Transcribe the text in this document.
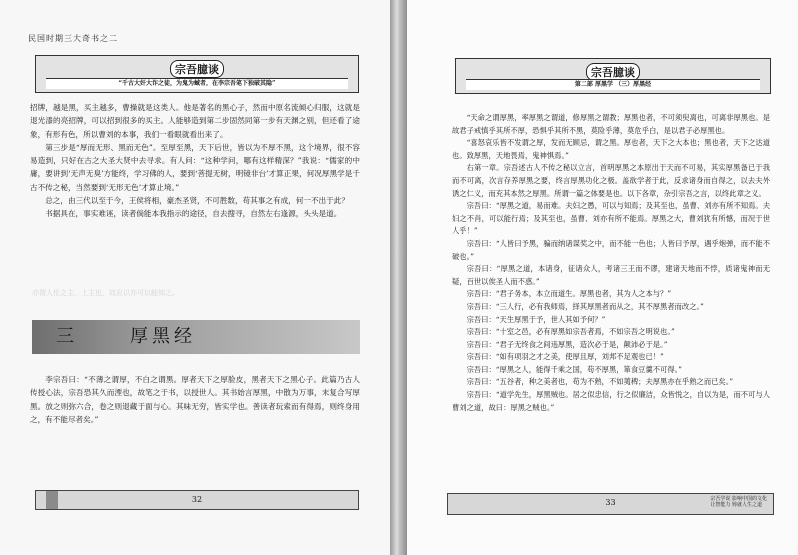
民国时期三大奇书之二
宗吾臆谈
“千古大奸大诈之徒，为鬼为蜮者，在李宗吾笔下独破其隐”

招牌，越是黑，买主越多，曹操就是这类人。他是著名的黑心子，然而中原名流倾心归服，这就是退光漆的亮招牌，可以招到很多的买主。人能够造到第二步固然同第一步有天渊之别，但还看了途象，有形有色，所以曹刘的本事，我们一看眼就看出来了。

第三步是“厚而无形、黑而无色”。至厚至黑，天下后世，皆以为不厚不黑，这个境界，很不容易造到，只好在古之大圣大贤中去寻求。有人问：“这种学问，哪有这样精深？”我说：“儒家的中庸，要讲到‘无声无臭’方能终，学习佛的人，要到‘菩提无树，明镜非台’才算正果，何况厚黑学是千古不传之秘，当然要到‘无形无色’才算止境。”

总之，由三代以至于今，王侯将相，豪杰圣贤，不可胜数，苟其事之有成，何一不出于此？

书据具在，事实难诬，读者倘能本我指示的途径，自去搜寻，自然左右逢源，头头是道。

亦谓人伦之主，上主也，故应以亦可以能知之。
三	厚黑经

李宗吾曰：“不薄之谓厚，不白之谓黑。厚者天下之厚脸皮，黑者天下之黑心子。此篇乃古人传授心法，宗吾恐其久而湮也，故笔之于书，以授世人。其书始言厚黑，中散为万事，末复合写厚黑。放之则弥六合，卷之则退藏于面与心。其味无穷，皆实学也。善读者玩索而有得焉，则终身用之，有不能尽者矣。”

32
宗吾臆谈
第二部 厚黑学 （三）厚黑经

“天命之谓厚黑，率厚黑之谓道，修厚黑之谓教；厚黑也者，不可须臾离也，可离非厚黑也。是故君子戒慎乎其所不厚，恐惧乎其所不黑，莫险乎薄，莫危乎白，是以君子必厚黑也。

“喜怒哀乐皆不发谓之厚，发而无顾忌，谓之黑。厚也者，天下之大本也；黑也者，天下之达道也。致厚黑，天地畏焉，鬼神惧焉。”

右第一章。宗吾述古人不传之秘以立言，首明厚黑之本原出于天而不可易，其实厚黑备已于我而不可离，次言存养厚黑之要，终言厚黑功化之极。盖欲学者于此，反求诸身而自得之，以去夫外诱之仁义，而充其本然之厚黑。所谓一篇之体要是也。以下各章，杂引宗吾之言，以终此章之义。

宗吾曰：“厚黑之道，易而难。夫妇之愚，可以与知焉；及其至也，虽曹、刘亦有所不知焉。夫妇之不肖，可以能行焉；及其至也，虽曹、刘亦有所不能焉。厚黑之大，曹刘犹有所憾，而况于世人乎！”

宗吾曰：“人皆曰予黑，骗而纳诸谋奖之中，而不能一色也；人皆曰予厚，遇乎炮弹，而不能不破也。”

宗吾曰：“厚黑之道，本诸身，征诸众人，考诸三王而不谬，建诸天地而不悖，质诸鬼神而无疑，百世以俟圣人而不惑。”

宗吾曰：“君子务本，本立而道生。厚黑也者，其为人之本与？”

宗吾曰：“三人行，必有我师焉，择其厚黑者而从之，其不厚黑者而改之。”

宗吾曰：“天生厚黑于予，世人其如予何？”

宗吾曰：“十室之邑，必有厚黑如宗吾者焉，不如宗吾之明说也。”

宗吾曰：“君子无终食之间违厚黑，造次必于是，颠沛必于是。”

宗吾曰：“如有项羽之才之美，使厚且厚，刘邦不足观也已！”

宗吾曰：“厚黑之人，能得千乘之国，苟不厚黑，箪食豆羹不可得。”

宗吾曰：“五谷者，种之美者也，苟为不熟，不如荑稗；夫厚黑亦在乎熟之而已矣。”

宗吾曰：“道学先生，厚黑贼也。居之似忠信，行之似廉洁，众皆悦之，自以为是，而不可与人曹刘之道，故曰：厚黑之贼也。”

33	宗吾学说 影响中国的文化
让智能力 铸就人生之道
